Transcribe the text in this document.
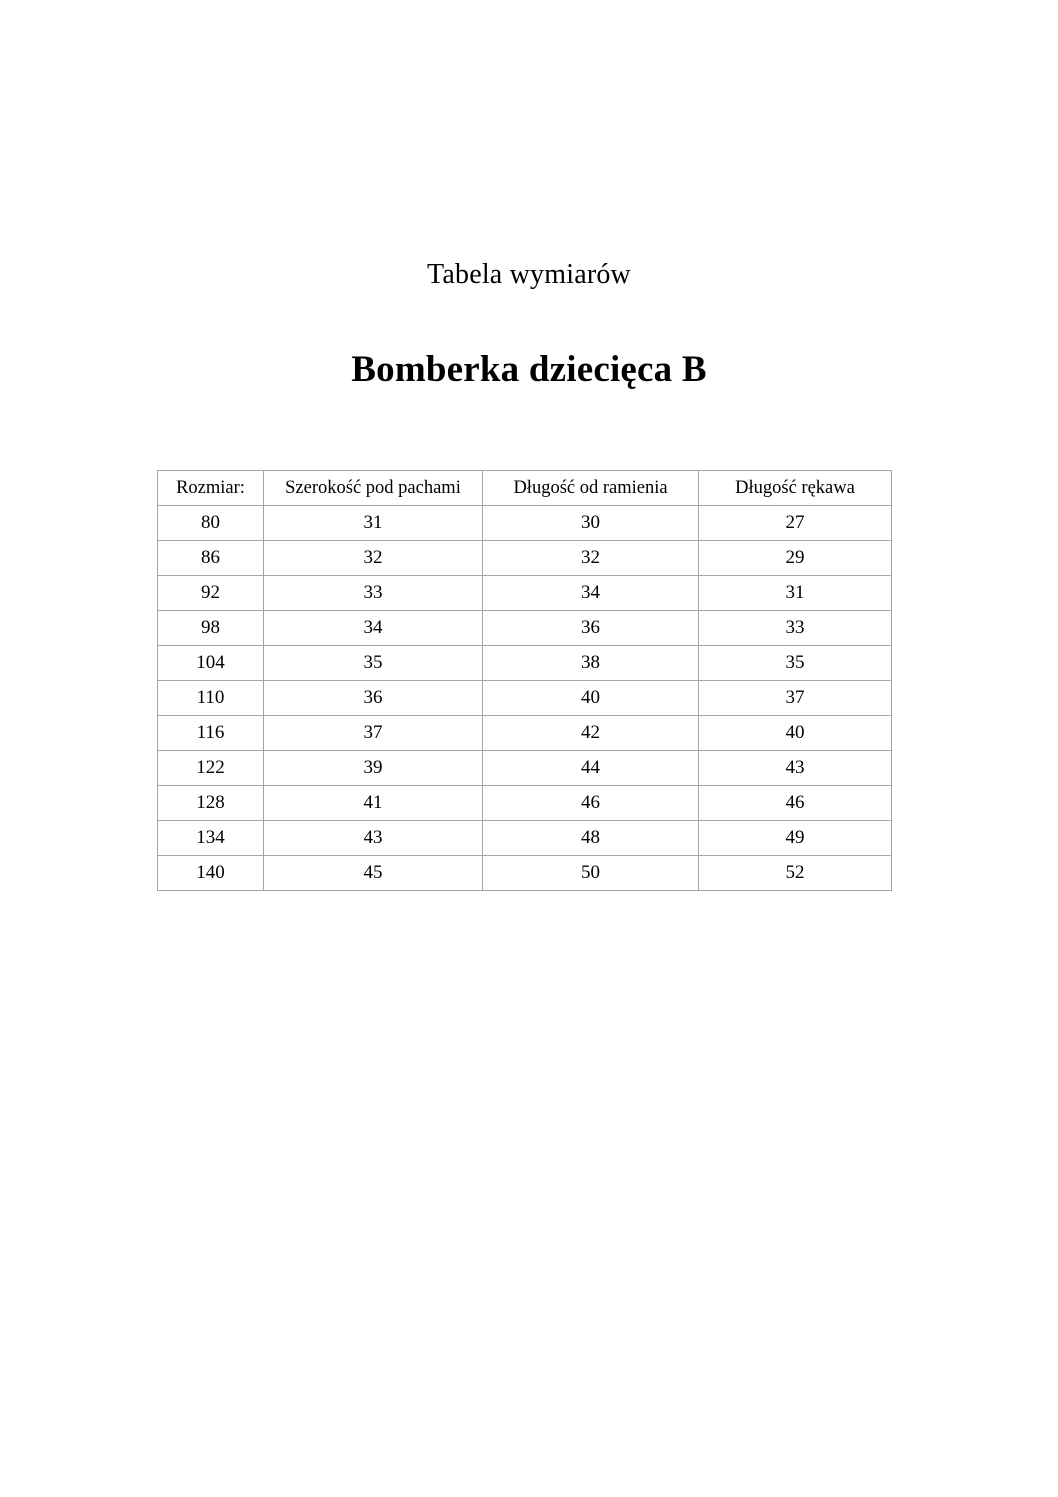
Tabela wymiarów
Bomberka dziecięca B
Rozmiar:	Szerokość pod pachami	Długość od ramienia	Długość rękawa
80	31	30	27
86	32	32	29
92	33	34	31
98	34	36	33
104	35	38	35
110	36	40	37
116	37	42	40
122	39	44	43
128	41	46	46
134	43	48	49
140	45	50	52
